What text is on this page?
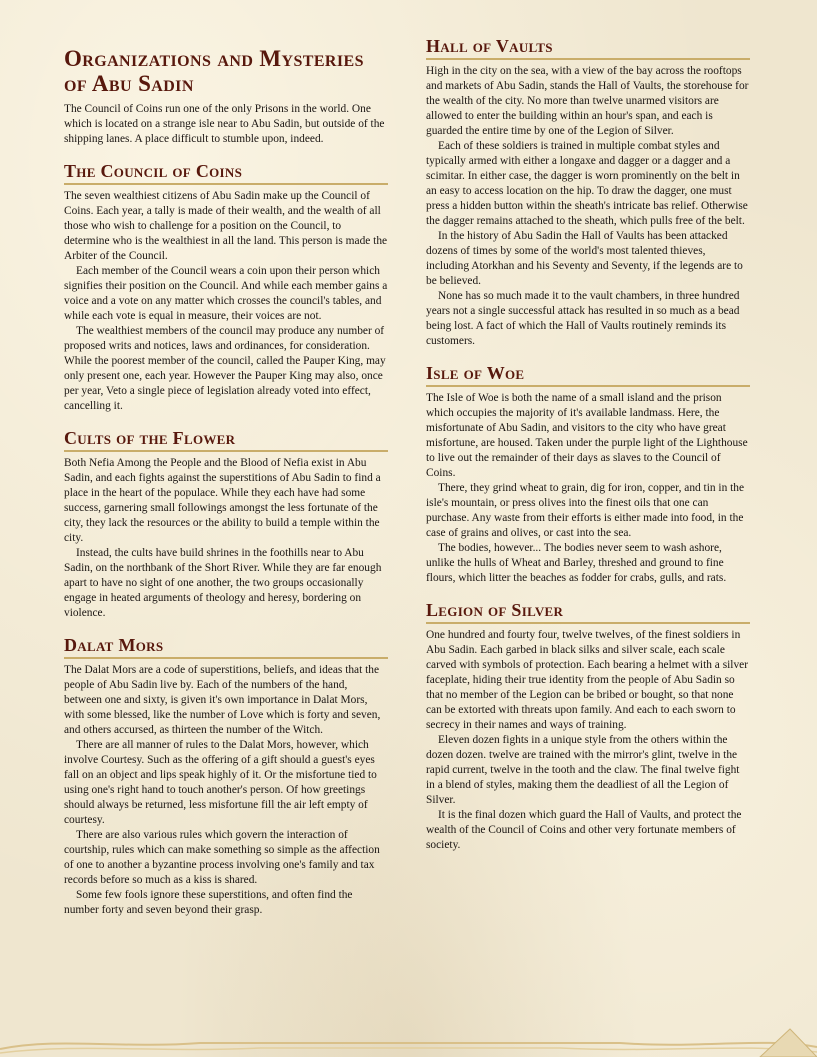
Organizations and Mysteries of Abu Sadin

The Council of Coins run one of the only Prisons in the world. One which is located on a strange isle near to Abu Sadin, but outside of the shipping lanes. A place difficult to stumble upon, indeed.

The Council of Coins

The seven wealthiest citizens of Abu Sadin make up the Council of Coins. Each year, a tally is made of their wealth, and the wealth of all those who wish to challenge for a position on the Council, to determine who is the wealthiest in all the land. This person is made the Arbiter of the Council.

Each member of the Council wears a coin upon their person which signifies their position on the Council. And while each member gains a voice and a vote on any matter which crosses the council's tables, and while each vote is equal in measure, their voices are not.

The wealthiest members of the council may produce any number of proposed writs and notices, laws and ordinances, for consideration. While the poorest member of the council, called the Pauper King, may only present one, each year. However the Pauper King may also, once per year, Veto a single piece of legislation already voted into effect, cancelling it.

Cults of the Flower

Both Nefia Among the People and the Blood of Nefia exist in Abu Sadin, and each fights against the superstitions of Abu Sadin to find a place in the heart of the populace. While they each have had some success, garnering small followings amongst the less fortunate of the city, they lack the resources or the ability to build a temple within the city.

Instead, the cults have build shrines in the foothills near to Abu Sadin, on the northbank of the Short River. While they are far enough apart to have no sight of one another, the two groups occasionally engage in heated arguments of theology and heresy, bordering on violence.

Dalat Mors

The Dalat Mors are a code of superstitions, beliefs, and ideas that the people of Abu Sadin live by. Each of the numbers of the hand, between one and sixty, is given it's own importance in Dalat Mors, with some blessed, like the number of Love which is forty and seven, and others accursed, as thirteen the number of the Witch.

There are all manner of rules to the Dalat Mors, however, which involve Courtesy. Such as the offering of a gift should a guest's eyes fall on an object and lips speak highly of it. Or the misfortune tied to using one's right hand to touch another's person. Of how greetings should always be returned, less misfortune fill the air left empty of courtesy.

There are also various rules which govern the interaction of courtship, rules which can make something so simple as the affection of one to another a byzantine process involving one's family and tax records before so much as a kiss is shared.

Some few fools ignore these superstitions, and often find the number forty and seven beyond their grasp.

Hall of Vaults

High in the city on the sea, with a view of the bay across the rooftops and markets of Abu Sadin, stands the Hall of Vaults, the storehouse for the wealth of the city. No more than twelve unarmed visitors are allowed to enter the building within an hour's span, and each is guarded the entire time by one of the Legion of Silver.

Each of these soldiers is trained in multiple combat styles and typically armed with either a longaxe and dagger or a dagger and a scimitar. In either case, the dagger is worn prominently on the belt in an easy to access location on the hip. To draw the dagger, one must press a hidden button within the sheath's intricate bas relief. Otherwise the dagger remains attached to the sheath, which pulls free of the belt.

In the history of Abu Sadin the Hall of Vaults has been attacked dozens of times by some of the world's most talented thieves, including Atorkhan and his Seventy and Seventy, if the legends are to be believed.

None has so much made it to the vault chambers, in three hundred years not a single successful attack has resulted in so much as a bead being lost. A fact of which the Hall of Vaults routinely reminds its customers.

Isle of Woe

The Isle of Woe is both the name of a small island and the prison which occupies the majority of it's available landmass. Here, the misfortunate of Abu Sadin, and visitors to the city who have great misfortune, are housed. Taken under the purple light of the Lighthouse to live out the remainder of their days as slaves to the Council of Coins.

There, they grind wheat to grain, dig for iron, copper, and tin in the isle's mountain, or press olives into the finest oils that one can purchase. Any waste from their efforts is either made into food, in the case of grains and olives, or cast into the sea.

The bodies, however... The bodies never seem to wash ashore, unlike the hulls of Wheat and Barley, threshed and ground to fine flours, which litter the beaches as fodder for crabs, gulls, and rats.

Legion of Silver

One hundred and fourty four, twelve twelves, of the finest soldiers in Abu Sadin. Each garbed in black silks and silver scale, each scale carved with symbols of protection. Each bearing a helmet with a silver faceplate, hiding their true identity from the people of Abu Sadin so that no member of the Legion can be bribed or bought, so that none can be extorted with threats upon family. And each to each sworn to secrecy in their names and ways of training.

Eleven dozen fights in a unique style from the others within the dozen dozen. twelve are trained with the mirror's glint, twelve in the rapid current, twelve in the tooth and the claw. The final twelve fight in a blend of styles, making them the deadliest of all the Legion of Silver.

It is the final dozen which guard the Hall of Vaults, and protect the wealth of the Council of Coins and other very fortunate members of society.
